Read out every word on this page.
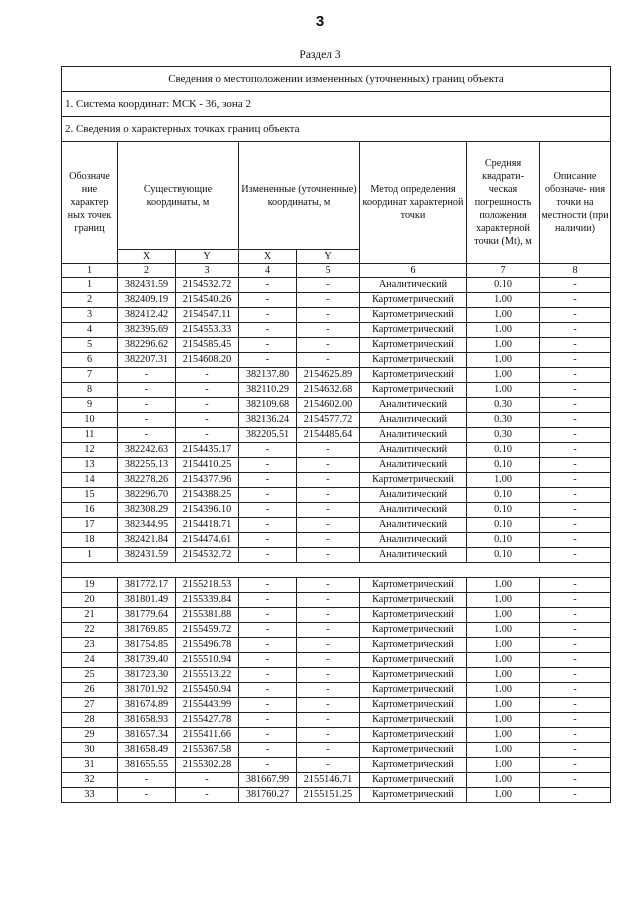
3
Раздел 3
Сведения о местоположении измененных (уточненных) границ объекта							
1. Система координат: МСК - 36, зона 2							
2. Сведения о характерных точках границ объекта							
Обозначе ние характер ных точек границ	Существующие координаты, м		Измененные (уточненные) координаты, м		Метод определения координат характерной точки	Средняя квадрати- ческая погрешность положения характерной точки (Mt), м	Описание обозначе- ния точки на местности (при наличии)
	X	Y	X	Y			
1	2	3	4	5	6	7	8
1	382431.59	2154532.72	-	-	Аналитический	0.10	-
2	382409.19	2154540.26	-	-	Картометрический	1.00	-
3	382412.42	2154547.11	-	-	Картометрический	1.00	-
4	382395.69	2154553.33	-	-	Картометрический	1.00	-
5	382296.62	2154585.45	-	-	Картометрический	1.00	-
6	382207.31	2154608.20	-	-	Картометрический	1.00	-
7	-	-	382137.80	2154625.89	Картометрический	1.00	-
8	-	-	382110.29	2154632.68	Картометрический	1.00	-
9	-	-	382109.68	2154602.00	Аналитический	0.30	-
10	-	-	382136.24	2154577.72	Аналитический	0.30	-
11	-	-	382205.51	2154485.64	Аналитический	0.30	-
12	382242.63	2154435.17	-	-	Аналитический	0.10	-
13	382255.13	2154410.25	-	-	Аналитический	0.10	-
14	382278.26	2154377.96	-	-	Картометрический	1.00	-
15	382296.70	2154388.25	-	-	Аналитический	0.10	-
16	382308.29	2154396.10	-	-	Аналитический	0.10	-
17	382344.95	2154418.71	-	-	Аналитический	0.10	-
18	382421.84	2154474.61	-	-	Аналитический	0.10	-
1	382431.59	2154532.72	-	-	Аналитический	0.10	-

19	381772.17	2155218.53	-	-	Картометрический	1.00	-
20	381801.49	2155339.84	-	-	Картометрический	1.00	-
21	381779.64	2155381.88	-	-	Картометрический	1.00	-
22	381769.85	2155459.72	-	-	Картометрический	1.00	-
23	381754.85	2155496.78	-	-	Картометрический	1.00	-
24	381739.40	2155510.94	-	-	Картометрический	1.00	-
25	381723.30	2155513.22	-	-	Картометрический	1.00	-
26	381701.92	2155450.94	-	-	Картометрический	1.00	-
27	381674.89	2155443.99	-	-	Картометрический	1.00	-
28	381658.93	2155427.78	-	-	Картометрический	1.00	-
29	381657.34	2155411.66	-	-	Картометрический	1.00	-
30	381658.49	2155367.58	-	-	Картометрический	1.00	-
31	381655.55	2155302.28	-	-	Картометрический	1.00	-
32	-	-	381667.99	2155146.71	Картометрический	1.00	-
33	-	-	381760.27	2155151.25	Картометрический	1.00	-
